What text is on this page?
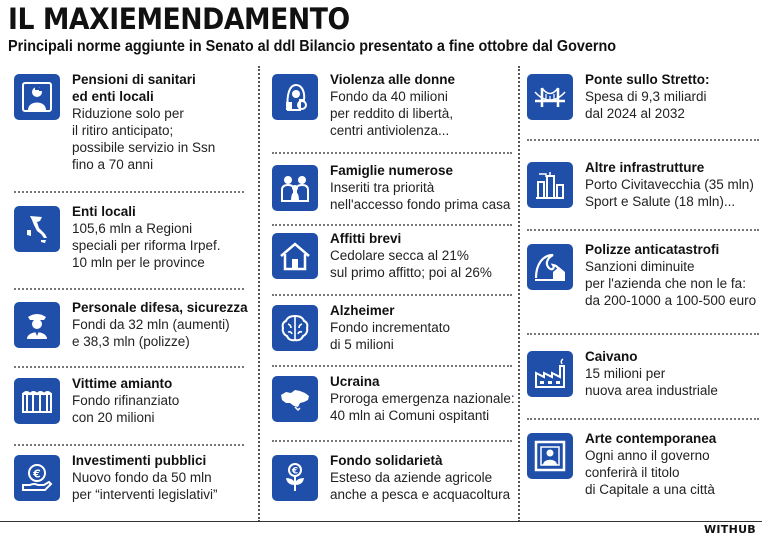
IL MAXIEMENDAMENTO
Principali norme aggiunte in Senato al ddl Bilancio presentato a fine ottobre dal Governo
Pensioni di sanitari
ed enti locali
Riduzione solo per
il ritiro anticipato;
possibile servizio in Ssn
fino a 70 anni
Enti locali
105,6 mln a Regioni
speciali per riforma Irpef.
10 mln per le province
Personale difesa, sicurezza
Fondi da 32 mln (aumenti)
e 38,3 mln (polizze)
Vittime amianto
Fondo rifinanziato
con 20 milioni
€
Investimenti pubblici
Nuovo fondo da 50 mln
per “interventi legislativi”
Violenza alle donne
Fondo da 40 milioni
per reddito di libertà,
centri antiviolenza...
Famiglie numerose
Inseriti tra priorità
nell'accesso fondo prima casa
Affitti brevi
Cedolare secca al 21%
sul primo affitto; poi al 26%
Alzheimer
Fondo incrementato
di 5 milioni
Ucraina
Proroga emergenza nazionale:
40 mln ai Comuni ospitanti
€
Fondo solidarietà
Esteso da aziende agricole
anche a pesca e acquacoltura
Ponte sullo Stretto:
Spesa di 9,3 miliardi
dal 2024 al 2032
Altre infrastrutture
Porto Civitavecchia (35 mln)
Sport e Salute (18 mln)...
Polizze anticatastrofi
Sanzioni diminuite
per l'azienda che non le fa:
da 200-1000 a 100-500 euro
Caivano
15 milioni per
nuova area industriale
Arte contemporanea
Ogni anno il governo
conferirà il titolo
di Capitale a una città
WITHUB
